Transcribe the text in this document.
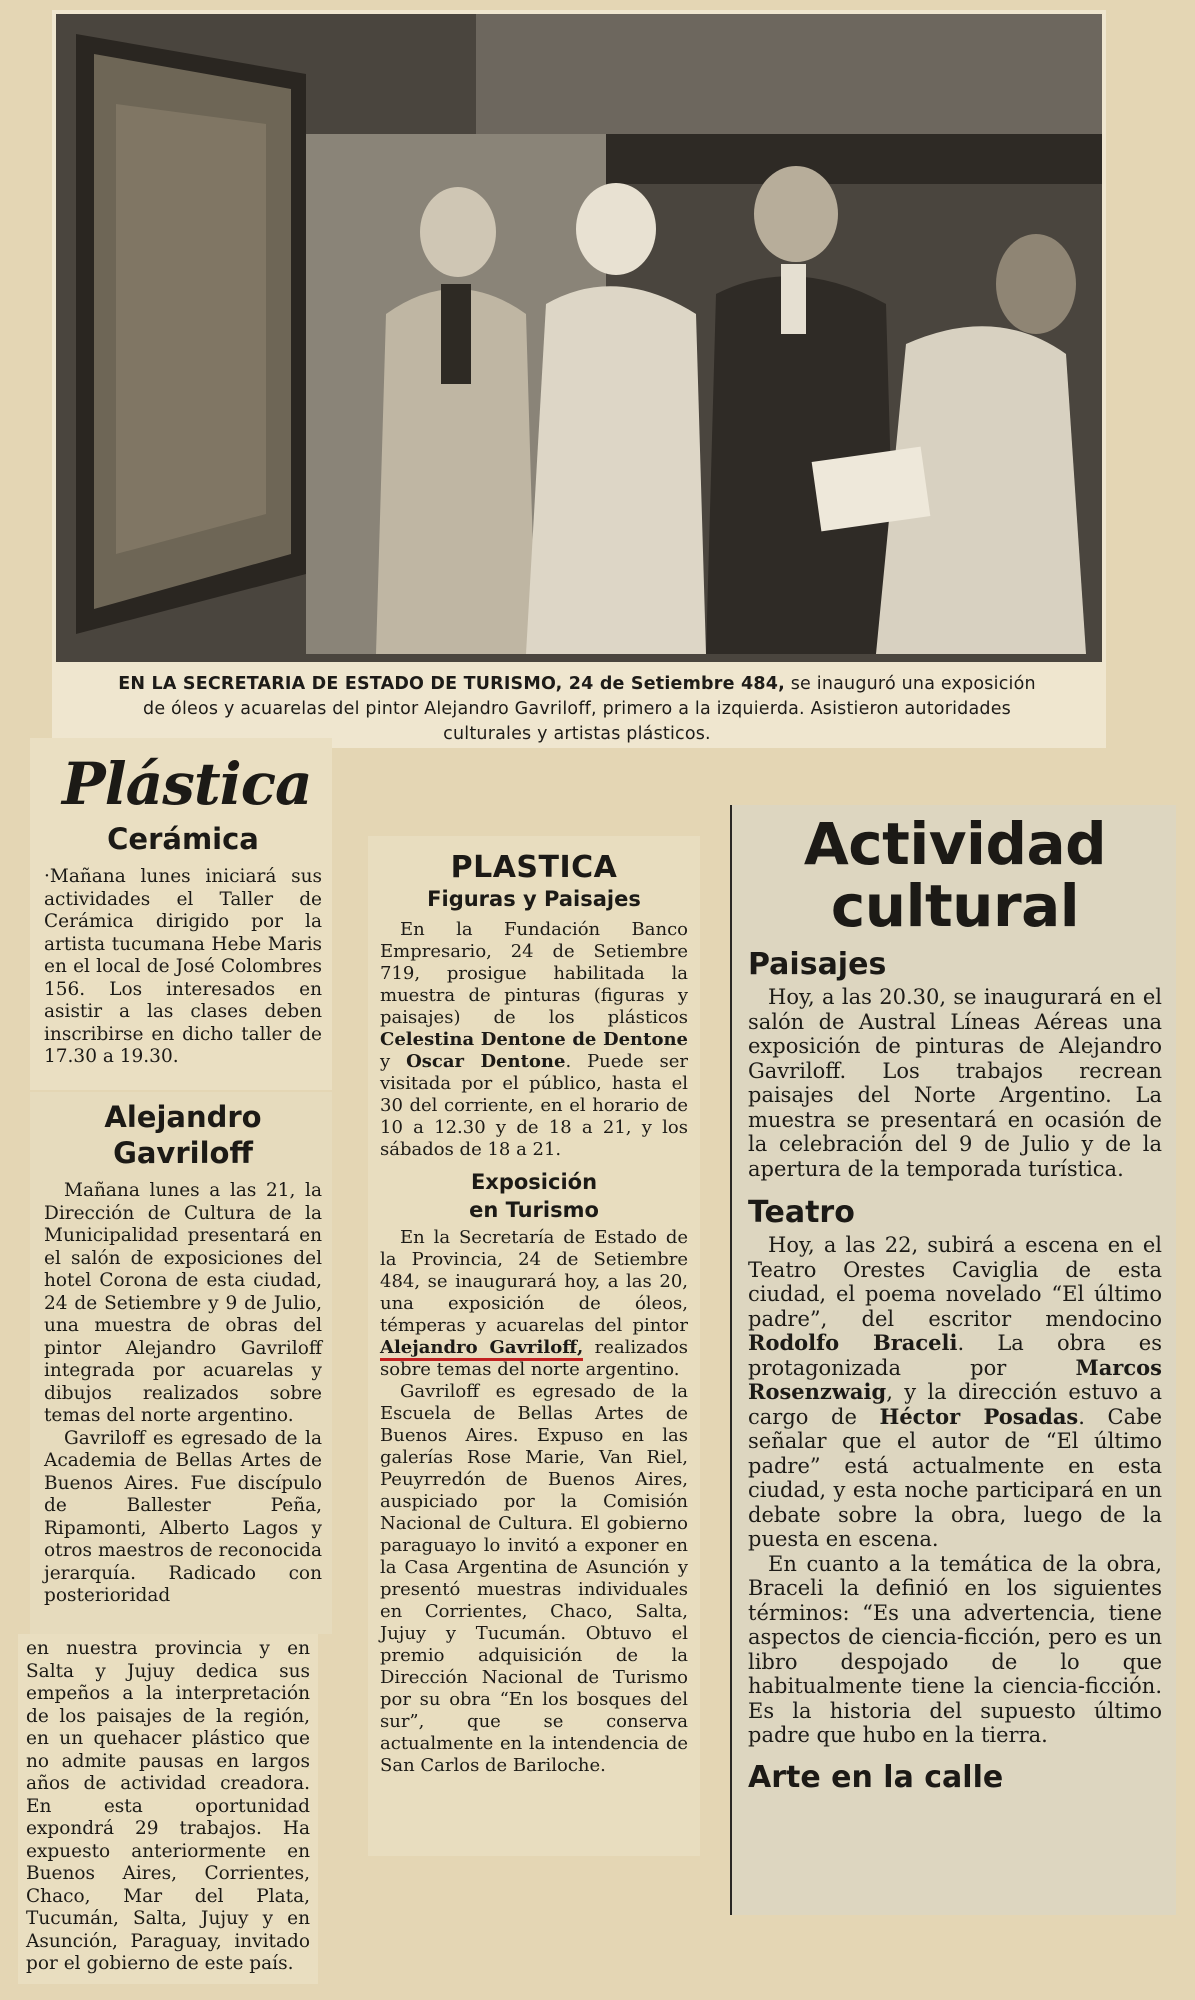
EN LA SECRETARIA DE ESTADO DE TURISMO, 24 de Setiembre 484, se inauguró una exposición de óleos y acuarelas del pintor Alejandro Gavriloff, primero a la izquierda. Asistieron autoridades culturales y artistas plásticos.
Plástica
Cerámica

·Mañana lunes iniciará sus actividades el Taller de Cerámica dirigido por la artista tucumana Hebe Maris en el local de José Colombres 156. Los interesados en asistir a las clases deben inscribirse en dicho taller de 17.30 a 19.30.

Alejandro
Gavriloff

Mañana lunes a las 21, la Dirección de Cultura de la Municipalidad presentará en el salón de exposiciones del hotel Corona de esta ciudad, 24 de Setiembre y 9 de Julio, una muestra de obras del pintor Alejandro Gavriloff integrada por acuarelas y dibujos realizados sobre temas del norte argentino.

Gavriloff es egresado de la Academia de Bellas Artes de Buenos Aires. Fue discípulo de Ballester Peña, Ripamonti, Alberto Lagos y otros maestros de reconocida jerarquía. Radicado con posterioridad

en nuestra provincia y en Salta y Jujuy dedica sus empeños a la interpretación de los paisajes de la región, en un quehacer plástico que no admite pausas en largos años de actividad creadora. En esta oportunidad expondrá 29 trabajos. Ha expuesto anteriormente en Buenos Aires, Corrientes, Chaco, Mar del Plata, Tucumán, Salta, Jujuy y en Asunción, Paraguay, invitado por el gobierno de este país.

PLASTICA
Figuras y Paisajes

En la Fundación Banco Empresario, 24 de Setiembre 719, prosigue habilitada la muestra de pinturas (figuras y paisajes) de los plásticos Celestina Dentone de Dentone y Oscar Dentone. Puede ser visitada por el público, hasta el 30 del corriente, en el horario de 10 a 12.30 y de 18 a 21, y los sábados de 18 a 21.

Exposición
en Turismo

En la Secretaría de Estado de la Provincia, 24 de Setiembre 484, se inaugurará hoy, a las 20, una exposición de óleos, témperas y acuarelas del pintor Alejandro Gavriloff, realizados sobre temas del norte argentino.

Gavriloff es egresado de la Escuela de Bellas Artes de Buenos Aires. Expuso en las galerías Rose Marie, Van Riel, Peuyrredón de Buenos Aires, auspiciado por la Comisión Nacional de Cultura. El gobierno paraguayo lo invitó a exponer en la Casa Argentina de Asunción y presentó muestras individuales en Corrientes, Chaco, Salta, Jujuy y Tucumán. Obtuvo el premio adquisición de la Dirección Nacional de Turismo por su obra “En los bosques del sur”, que se conserva actualmente en la intendencia de San Carlos de Bariloche.

Actividad
cultural
Paisajes

Hoy, a las 20.30, se inaugurará en el salón de Austral Líneas Aéreas una exposición de pinturas de Alejandro Gavriloff. Los trabajos recrean paisajes del Norte Argentino. La muestra se presentará en ocasión de la celebración del 9 de Julio y de la apertura de la temporada turística.

Teatro

Hoy, a las 22, subirá a escena en el Teatro Orestes Caviglia de esta ciudad, el poema novelado “El último padre”, del escritor mendocino Rodolfo Braceli. La obra es protagonizada por Marcos Rosenzwaig, y la dirección estuvo a cargo de Héctor Posadas. Cabe señalar que el autor de “El último padre” está actualmente en esta ciudad, y esta noche participará en un debate sobre la obra, luego de la puesta en escena.

En cuanto a la temática de la obra, Braceli la definió en los siguientes términos: “Es una advertencia, tiene aspectos de ciencia-ficción, pero es un libro despojado de lo que habitualmente tiene la ciencia-ficción. Es la historia del supuesto último padre que hubo en la tierra.

Arte en la calle
